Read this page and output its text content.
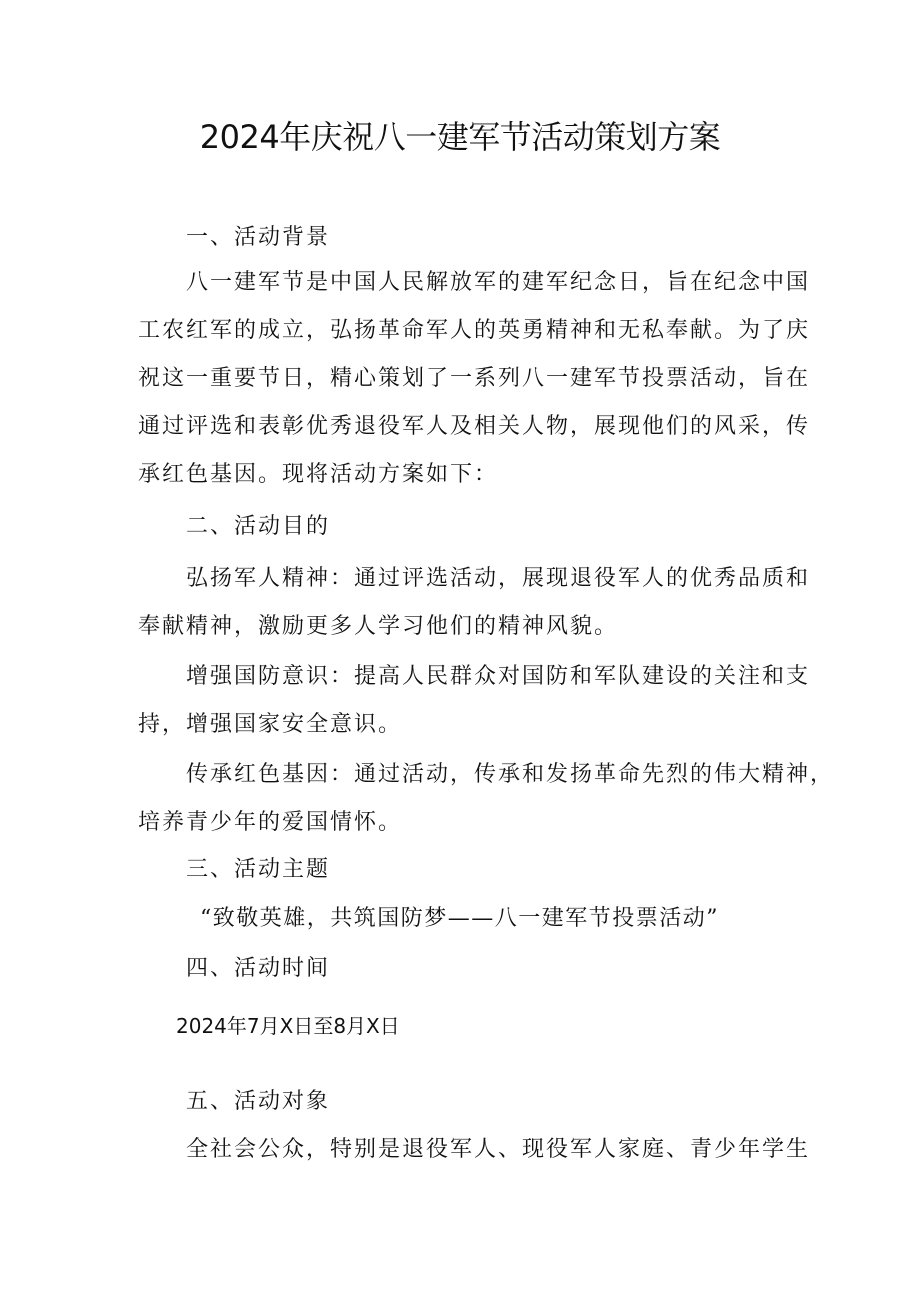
2024年庆祝八一建军节活动策划方案
一、活动背景
八一建军节是中国人民解放军的建军纪念日，旨在纪念中国
工农红军的成立，弘扬革命军人的英勇精神和无私奉献。为了庆
祝这一重要节日，精心策划了一系列八一建军节投票活动，旨在
通过评选和表彰优秀退役军人及相关人物，展现他们的风采，传
承红色基因。现将活动方案如下：
二、活动目的
弘扬军人精神：通过评选活动，展现退役军人的优秀品质和
奉献精神，激励更多人学习他们的精神风貌。
增强国防意识：提高人民群众对国防和军队建设的关注和支
持，增强国家安全意识。
传承红色基因：通过活动，传承和发扬革命先烈的伟大精神，
培养青少年的爱国情怀。
三、活动主题
“致敬英雄，共筑国防梦——八一建军节投票活动”
四、活动时间
2024年7月X日至8月X日
五、活动对象
全社会公众，特别是退役军人、现役军人家庭、青少年学生
